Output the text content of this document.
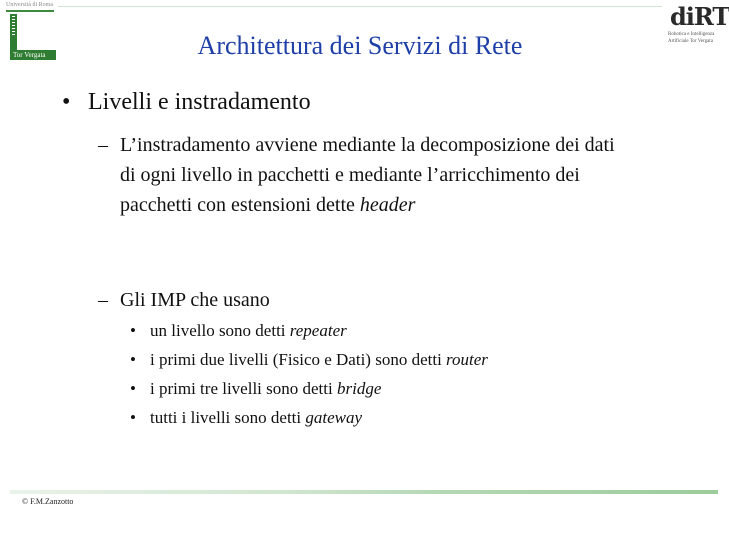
Università di Roma
Tor Vergata
diRT
Robotica e Intelligenza
Artificiale Tor Vergata
Architettura dei Servizi di Rete
• Livelli e instradamento
– L’instradamento avviene mediante la decomposizione dei dati di ogni livello in pacchetti e mediante l’arricchimento dei pacchetti con estensioni dette header
– Gli IMP che usano
• un livello sono detti repeater
• i primi due livelli (Fisico e Dati) sono detti router
• i primi tre livelli sono detti bridge
• tutti i livelli sono detti gateway
© F.M.Zanzotto
